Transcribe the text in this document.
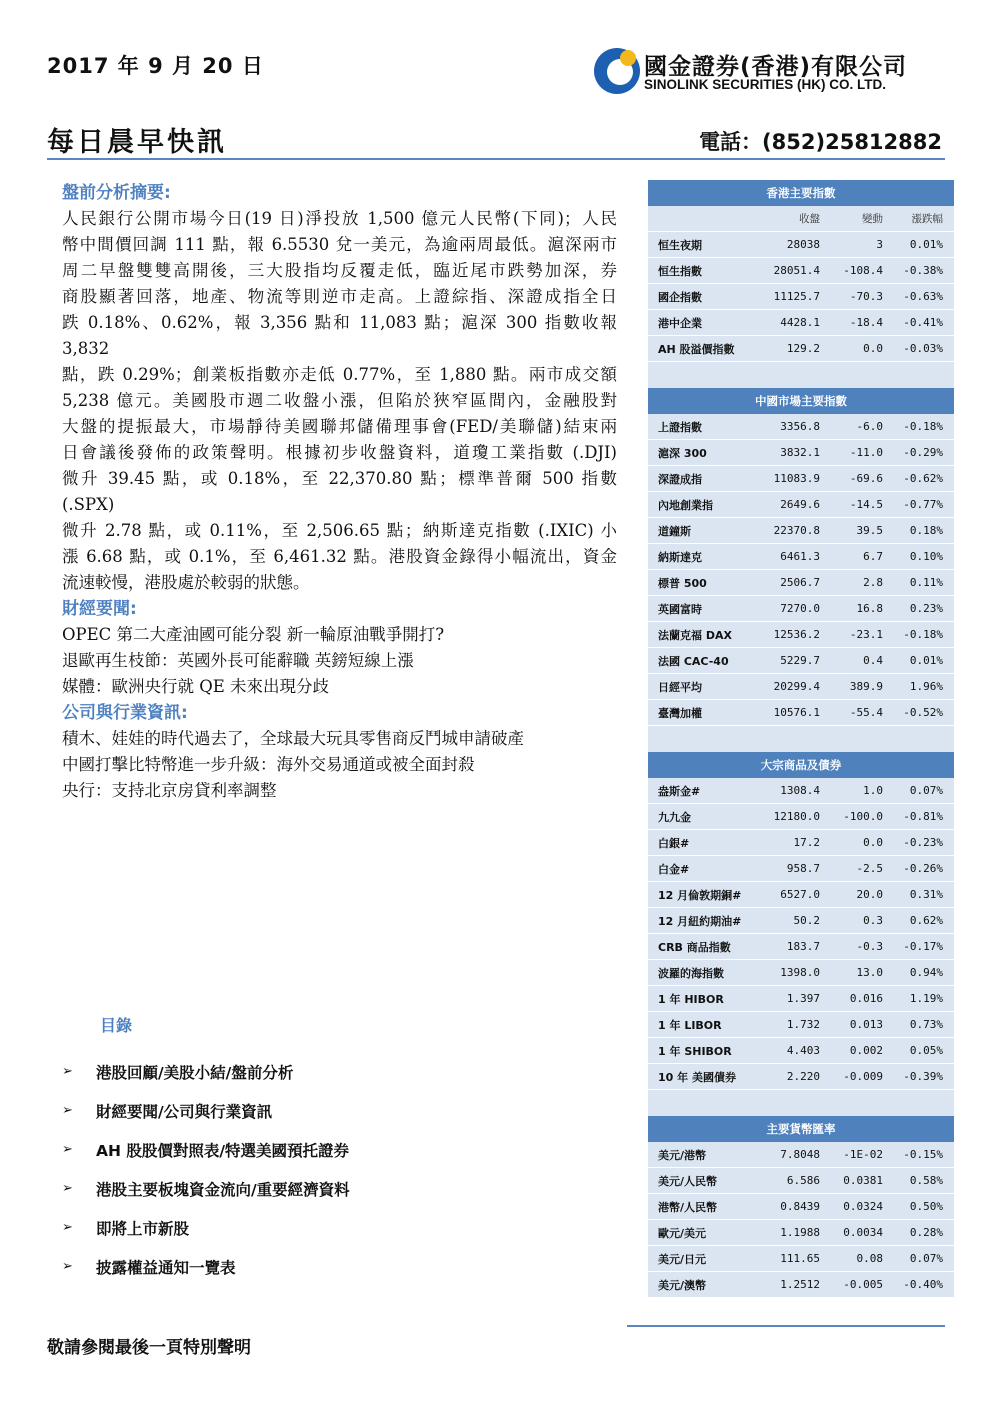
2017 年 9 月 20 日	國金證券(香港)有限公司
SINOLINK SECURITIES (HK) CO. LTD.
每日晨早快訊	電話：(852)25812882
盤前分析摘要:
人民銀行公開市場今日(19 日)淨投放 1,500 億元人民幣(下同)；人民
幣中間價回調 111 點，報 6.5530 兌一美元，為逾兩周最低。滬深兩市
周二早盤雙雙高開後，三大股指均反覆走低，臨近尾市跌勢加深，券
商股顯著回落，地產、物流等則逆市走高。上證綜指、深證成指全日
跌 0.18%、0.62%，報 3,356 點和 11,083 點；滬深 300 指數收報 3,832
點，跌 0.29%；創業板指數亦走低 0.77%，至 1,880 點。兩市成交額
5,238 億元。美國股市週二收盤小漲，但陷於狹窄區間內，金融股對
大盤的提振最大，市場靜待美國聯邦儲備理事會(FED/美聯儲)結束兩
日會議後發佈的政策聲明。根據初步收盤資料，道瓊工業指數 (.DJI)
微升 39.45 點，或 0.18%，至 22,370.80 點；標準普爾 500 指數 (.SPX)
微升 2.78 點，或 0.11%，至 2,506.65 點；納斯達克指數 (.IXIC) 小
漲 6.68 點，或 0.1%，至 6,461.32 點。港股資金錄得小幅流出，資金
流速較慢，港股處於較弱的狀態。
財經要聞:
OPEC 第二大產油國可能分裂 新一輪原油戰爭開打?
退歐再生枝節：英國外長可能辭職 英鎊短線上漲
媒體：歐洲央行就 QE 未來出現分歧
公司與行業資訊:
積木、娃娃的時代過去了，全球最大玩具零售商反鬥城申請破產
中國打擊比特幣進一步升級：海外交易通道或被全面封殺
央行：支持北京房貸利率調整
目錄
➢	港股回顧/美股小結/盤前分析
➢	財經要聞/公司與行業資訊
➢	AH 股股價對照表/特選美國預托證券
➢	港股主要板塊資金流向/重要經濟資料
➢	即將上市新股
➢	披露權益通知一覽表
香港主要指數
收盤	變動	漲跌幅
恒生夜期	28038	3	0.01%
恒生指數	28051.4	-108.4	-0.38%
國企指數	11125.7	-70.3	-0.63%
港中企業	4428.1	-18.4	-0.41%
AH 股溢價指數	129.2	0.0	-0.03%
中國市場主要指數
上證指數	3356.8	-6.0	-0.18%
滬深 300	3832.1	-11.0	-0.29%
深證成指	11083.9	-69.6	-0.62%
內地創業指	2649.6	-14.5	-0.77%
道鐘斯	22370.8	39.5	0.18%
納斯達克	6461.3	6.7	0.10%
標普 500	2506.7	2.8	0.11%
英國富時	7270.0	16.8	0.23%
法蘭克福 DAX	12536.2	-23.1	-0.18%
法國 CAC-40	5229.7	0.4	0.01%
日經平均	20299.4	389.9	1.96%
臺灣加權	10576.1	-55.4	-0.52%
大宗商品及債券
盎斯金#	1308.4	1.0	0.07%
九九金	12180.0	-100.0	-0.81%
白銀#	17.2	0.0	-0.23%
白金#	958.7	-2.5	-0.26%
12 月倫敦期銅#	6527.0	20.0	0.31%
12 月紐約期油#	50.2	0.3	0.62%
CRB 商品指數	183.7	-0.3	-0.17%
波羅的海指數	1398.0	13.0	0.94%
1 年 HIBOR	1.397	0.016	1.19%
1 年 LIBOR	1.732	0.013	0.73%
1 年 SHIBOR	4.403	0.002	0.05%
10 年 美國債券	2.220	-0.009	-0.39%
主要貨幣匯率
美元/港幣	7.8048	-1E-02	-0.15%
美元/人民幣	6.586	0.0381	0.58%
港幣/人民幣	0.8439	0.0324	0.50%
歐元/美元	1.1988	0.0034	0.28%
美元/日元	111.65	0.08	0.07%
美元/澳幣	1.2512	-0.005	-0.40%
敬請參閱最後一頁特別聲明
